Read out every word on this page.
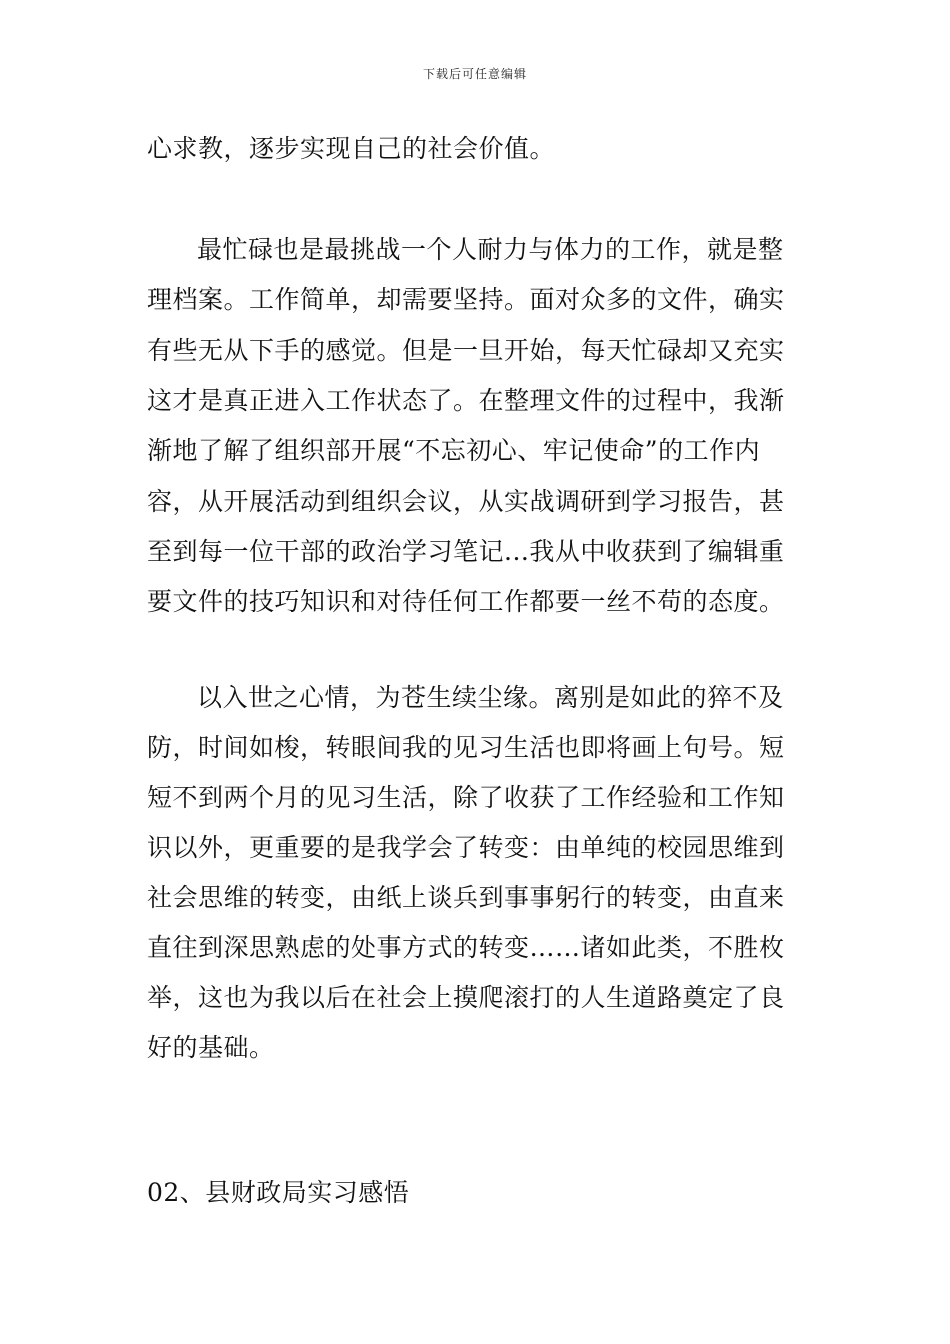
下载后可任意编辑
心求教，逐步实现自己的社会价值。
最忙碌也是最挑战一个人耐力与体力的工作，就是整
理档案。工作简单，却需要坚持。面对众多的文件，确实
有些无从下手的感觉。但是一旦开始，每天忙碌却又充实
这才是真正进入工作状态了。在整理文件的过程中，我渐
渐地了解了组织部开展“不忘初心、牢记使命”的工作内
容，从开展活动到组织会议，从实战调研到学习报告，甚
至到每一位干部的政治学习笔记...我从中收获到了编辑重
要文件的技巧知识和对待任何工作都要一丝不苟的态度。
以入世之心情，为苍生续尘缘。离别是如此的猝不及
防，时间如梭，转眼间我的见习生活也即将画上句号。短
短不到两个月的见习生活，除了收获了工作经验和工作知
识以外，更重要的是我学会了转变：由单纯的校园思维到
社会思维的转变，由纸上谈兵到事事躬行的转变，由直来
直往到深思熟虑的处事方式的转变……诸如此类，不胜枚
举，这也为我以后在社会上摸爬滚打的人生道路奠定了良
好的基础。
02、县财政局实习感悟
